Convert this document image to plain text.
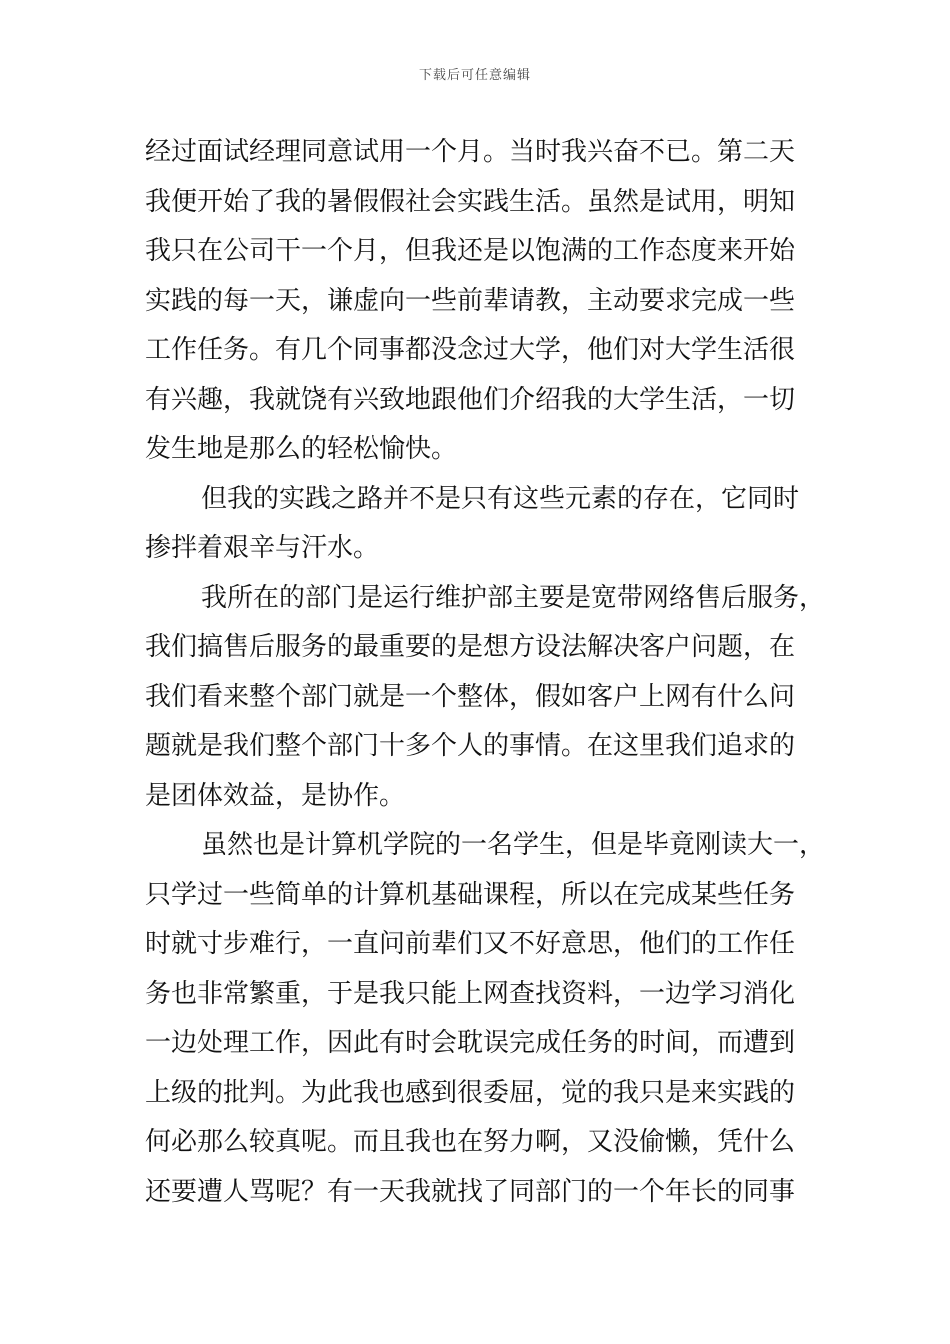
下载后可任意编辑
经过面试经理同意试用一个月。当时我兴奋不已。第二天
我便开始了我的暑假假社会实践生活。虽然是试用，明知
我只在公司干一个月，但我还是以饱满的工作态度来开始
实践的每一天，谦虚向一些前辈请教，主动要求完成一些
工作任务。有几个同事都没念过大学，他们对大学生活很
有兴趣，我就饶有兴致地跟他们介绍我的大学生活，一切
发生地是那么的轻松愉快。
但我的实践之路并不是只有这些元素的存在，它同时
掺拌着艰辛与汗水。
我所在的部门是运行维护部主要是宽带网络售后服务，
我们搞售后服务的最重要的是想方设法解决客户问题，在
我们看来整个部门就是一个整体，假如客户上网有什么问
题就是我们整个部门十多个人的事情。在这里我们追求的
是团体效益，是协作。
虽然也是计算机学院的一名学生，但是毕竟刚读大一，
只学过一些简单的计算机基础课程，所以在完成某些任务
时就寸步难行，一直问前辈们又不好意思，他们的工作任
务也非常繁重，于是我只能上网查找资料，一边学习消化
一边处理工作，因此有时会耽误完成任务的时间，而遭到
上级的批判。为此我也感到很委屈，觉的我只是来实践的
何必那么较真呢。而且我也在努力啊，又没偷懒，凭什么
还要遭人骂呢？有一天我就找了同部门的一个年长的同事
